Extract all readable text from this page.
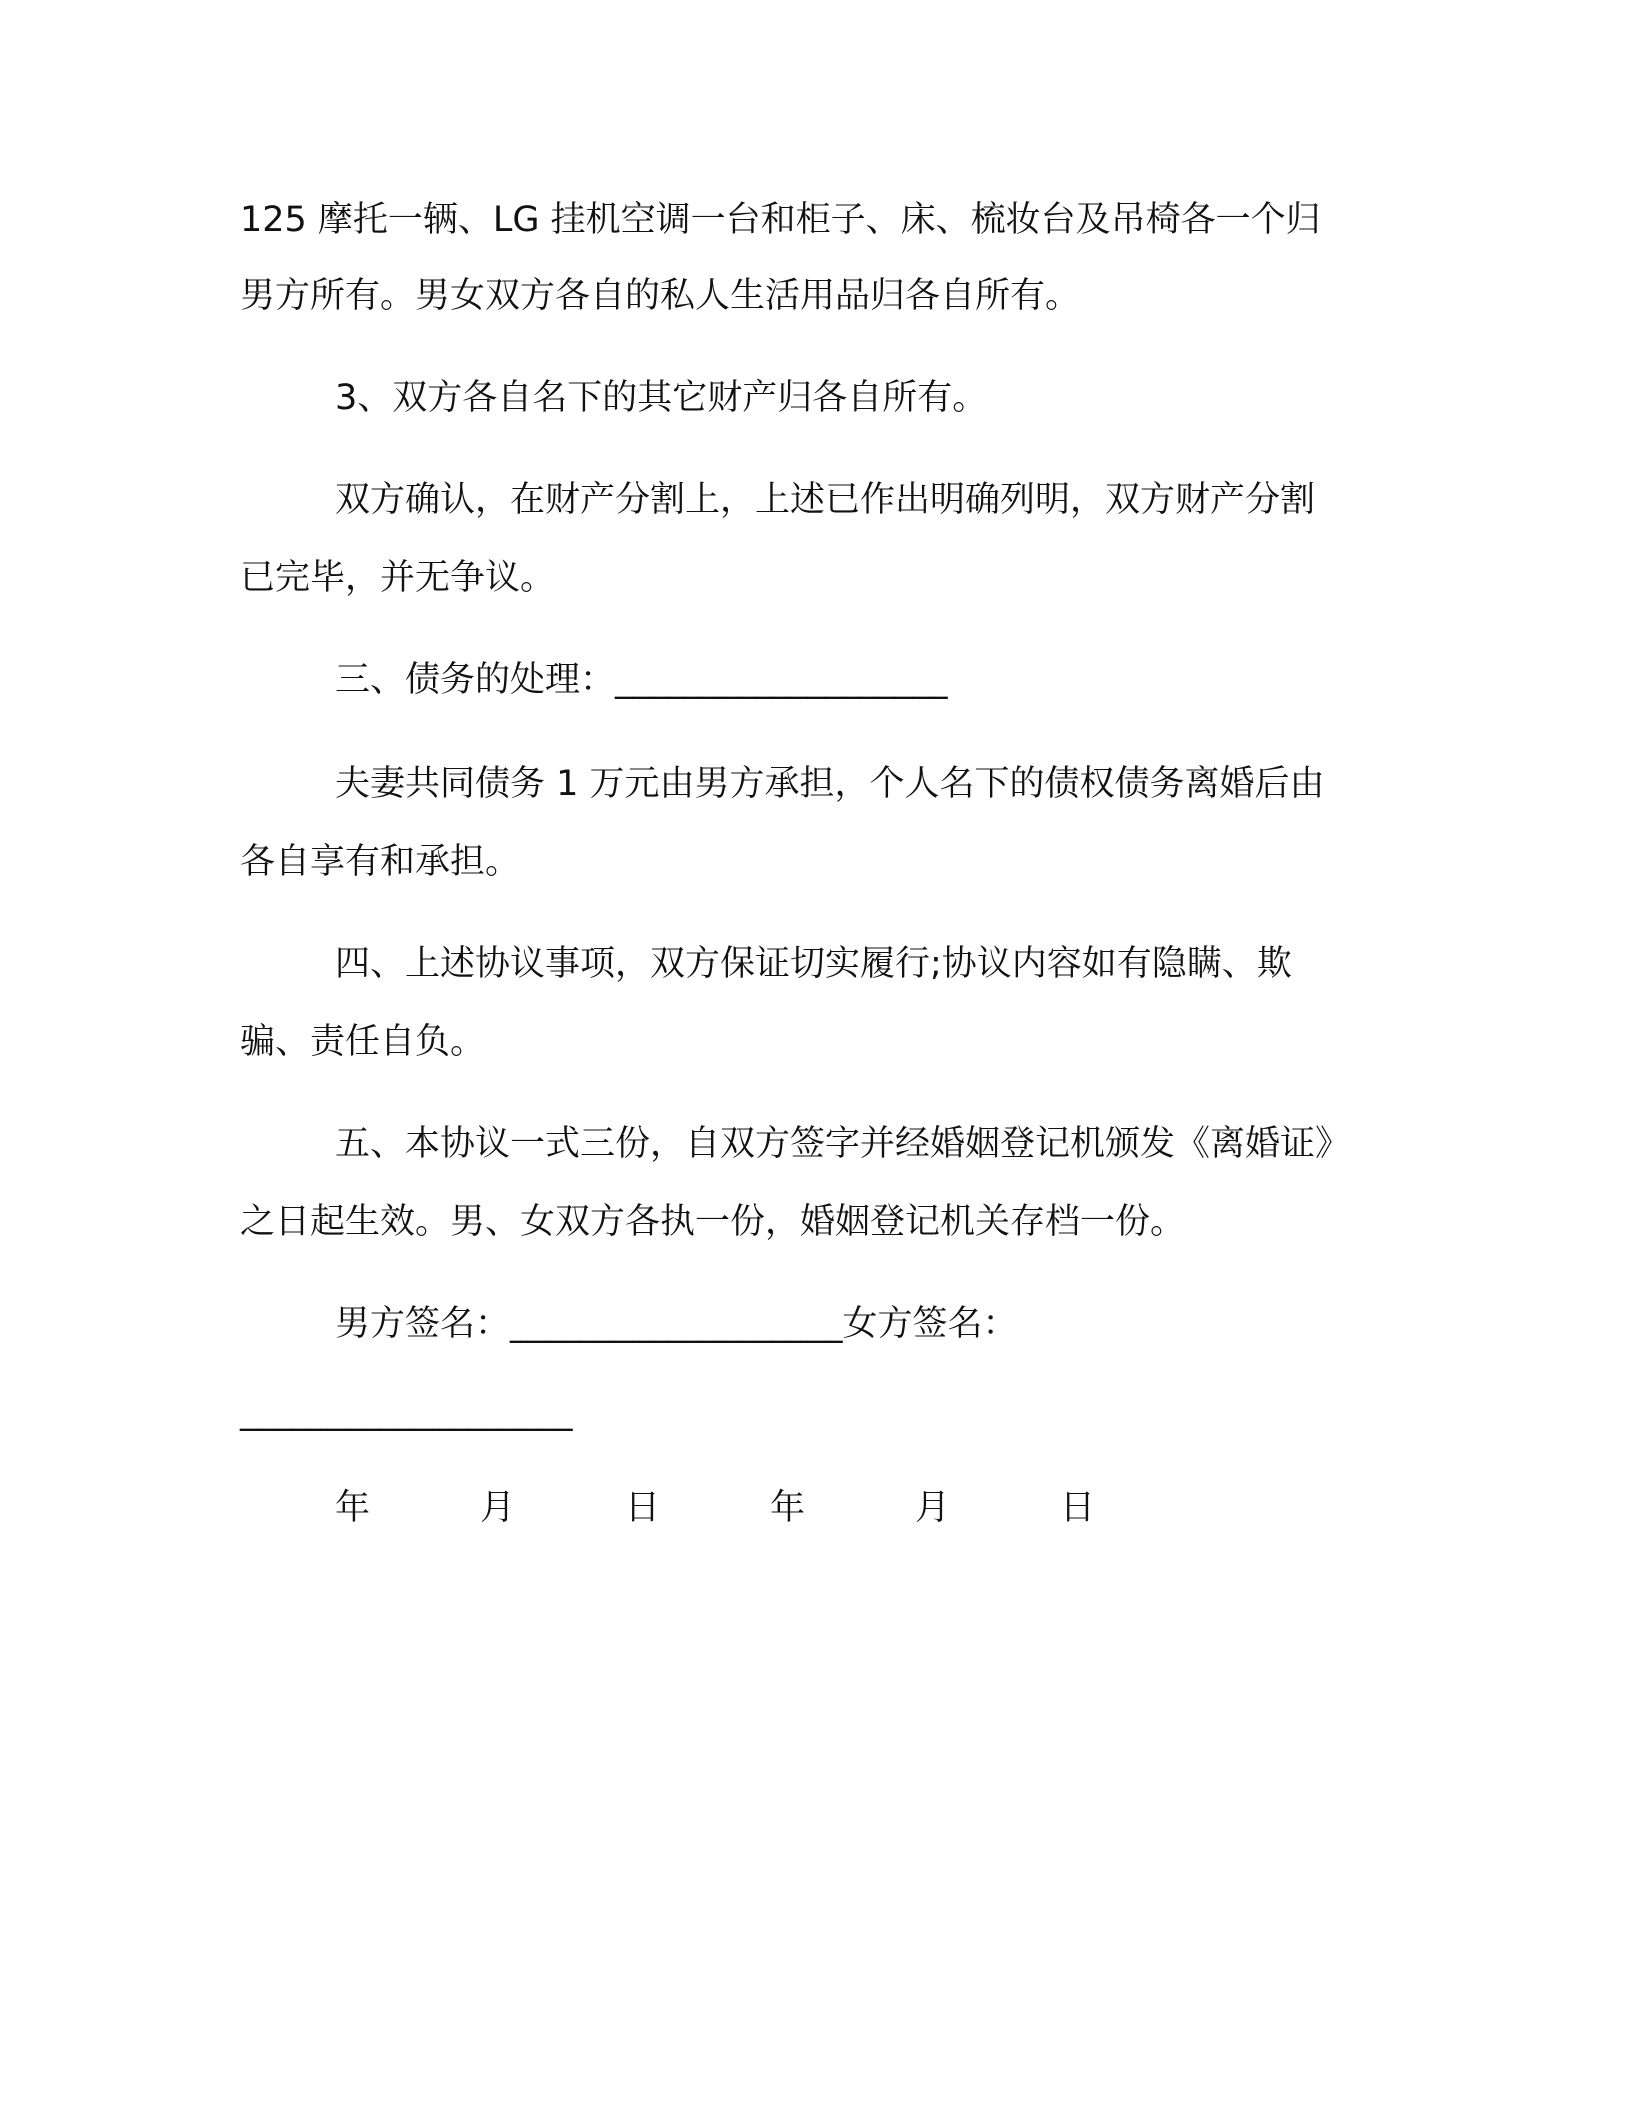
125 摩托一辆、LG 挂机空调一台和柜子、床、梳妆台及吊椅各一个归
男方所有。男女双方各自的私人生活用品归各自所有。
3、双方各自名下的其它财产归各自所有。
双方确认，在财产分割上，上述已作出明确列明，双方财产分割
已完毕，并无争议。
三、债务的处理：___________________
夫妻共同债务 1 万元由男方承担，个人名下的债权债务离婚后由
各自享有和承担。
四、上述协议事项，双方保证切实履行;协议内容如有隐瞒、欺
骗、责任自负。
五、本协议一式三份，自双方签字并经婚姻登记机颁发《离婚证》
之日起生效。男、女双方各执一份，婚姻登记机关存档一份。
男方签名：___________________女方签名：
___________________
年	月	日	年	月	日
